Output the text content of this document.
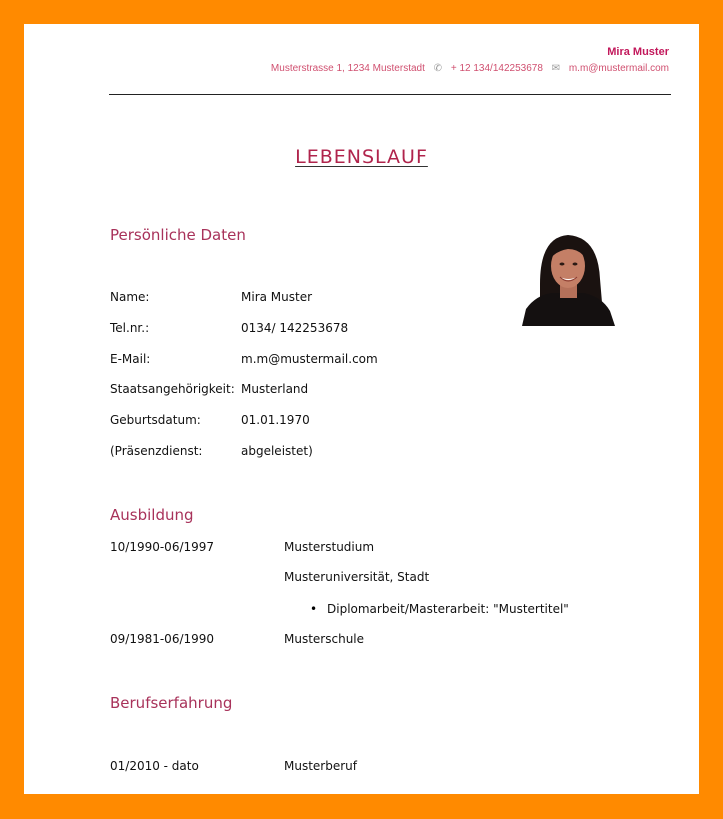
Mira Muster
Musterstrasse 1, 1234 Musterstadt ✆ + 12 134/142253678 ✉ m.m@mustermail.com
LEBENSLAUF
Persönliche Daten
Name:	Mira Muster
Tel.nr.:	0134/ 142253678
E-Mail:	m.m@mustermail.com
Staatsangehörigkeit: Musterland
Geburtsdatum:	01.01.1970
(Präsenzdienst:	abgeleistet)
Ausbildung
10/1990-06/1997	Musterstudium
Musteruniversität, Stadt
• Diplomarbeit/Masterarbeit: "Mustertitel"
09/1981-06/1990	Musterschule
Berufserfahrung
01/2010 - dato	Musterberuf
